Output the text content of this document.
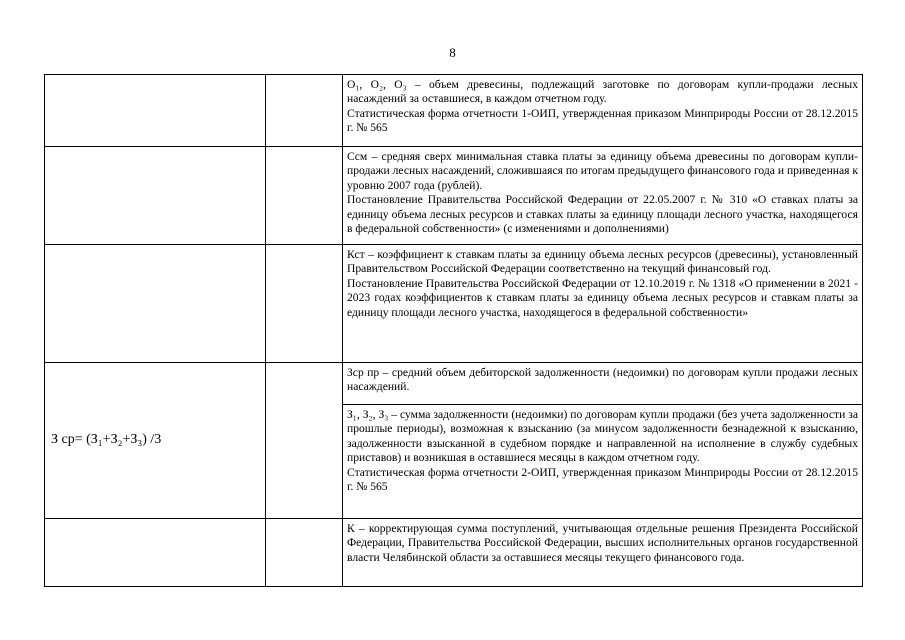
8

		О₁, О₂, О₃ – объем древесины, подлежащий заготовке по договорам купли-продажи лесных насаждений за оставшиеся, в каждом отчетном году.
Статистическая форма отчетности 1-ОИП, утвержденная приказом Минприроды России от 28.12.2015 г. № 565

		Cсм – средняя сверх минимальная ставка платы за единицу объема древесины по договорам купли-продажи лесных насаждений, сложившаяся по итогам предыдущего финансового года и приведенная к уровню 2007 года (рублей).
Постановление Правительства Российской Федерации от 22.05.2007 г. № 310 «О ставках платы за единицу объема лесных ресурсов и ставках платы за единицу площади лесного участка, находящегося в федеральной собственности» (с изменениями и дополнениями)

		Кст – коэффициент к ставкам платы за единицу объема лесных ресурсов (древесины), установленный Правительством Российской Федерации соответственно на текущий финансовый год.
Постановление Правительства Российской Федерации от 12.10.2019 г. № 1318 «О применении в 2021 - 2023 годах коэффициентов к ставкам платы за единицу объема лесных ресурсов и ставкам платы за единицу площади лесного участка, находящегося в федеральной собственности»

З ср= (З₁+З₂+З₃) /3		Зср пр – средний объем дебиторской задолженности (недоимки) по договорам купли продажи лесных насаждений.

		З₁, З₂, З₃ – сумма задолженности (недоимки) по договорам купли продажи (без учета задолженности за прошлые периоды), возможная к взысканию (за минусом задолженности безнадежной к взысканию, задолженности взысканной в судебном порядке и направленной на исполнение в службу судебных приставов) и возникшая в оставшиеся месяцы в каждом отчетном году.
Статистическая форма отчетности 2-ОИП, утвержденная приказом Минприроды России от 28.12.2015 г. № 565

		К – корректирующая сумма поступлений, учитывающая отдельные решения Президента Российской Федерации, Правительства Российской Федерации, высших исполнительных органов государственной власти Челябинской области за оставшиеся месяцы текущего финансового года.
